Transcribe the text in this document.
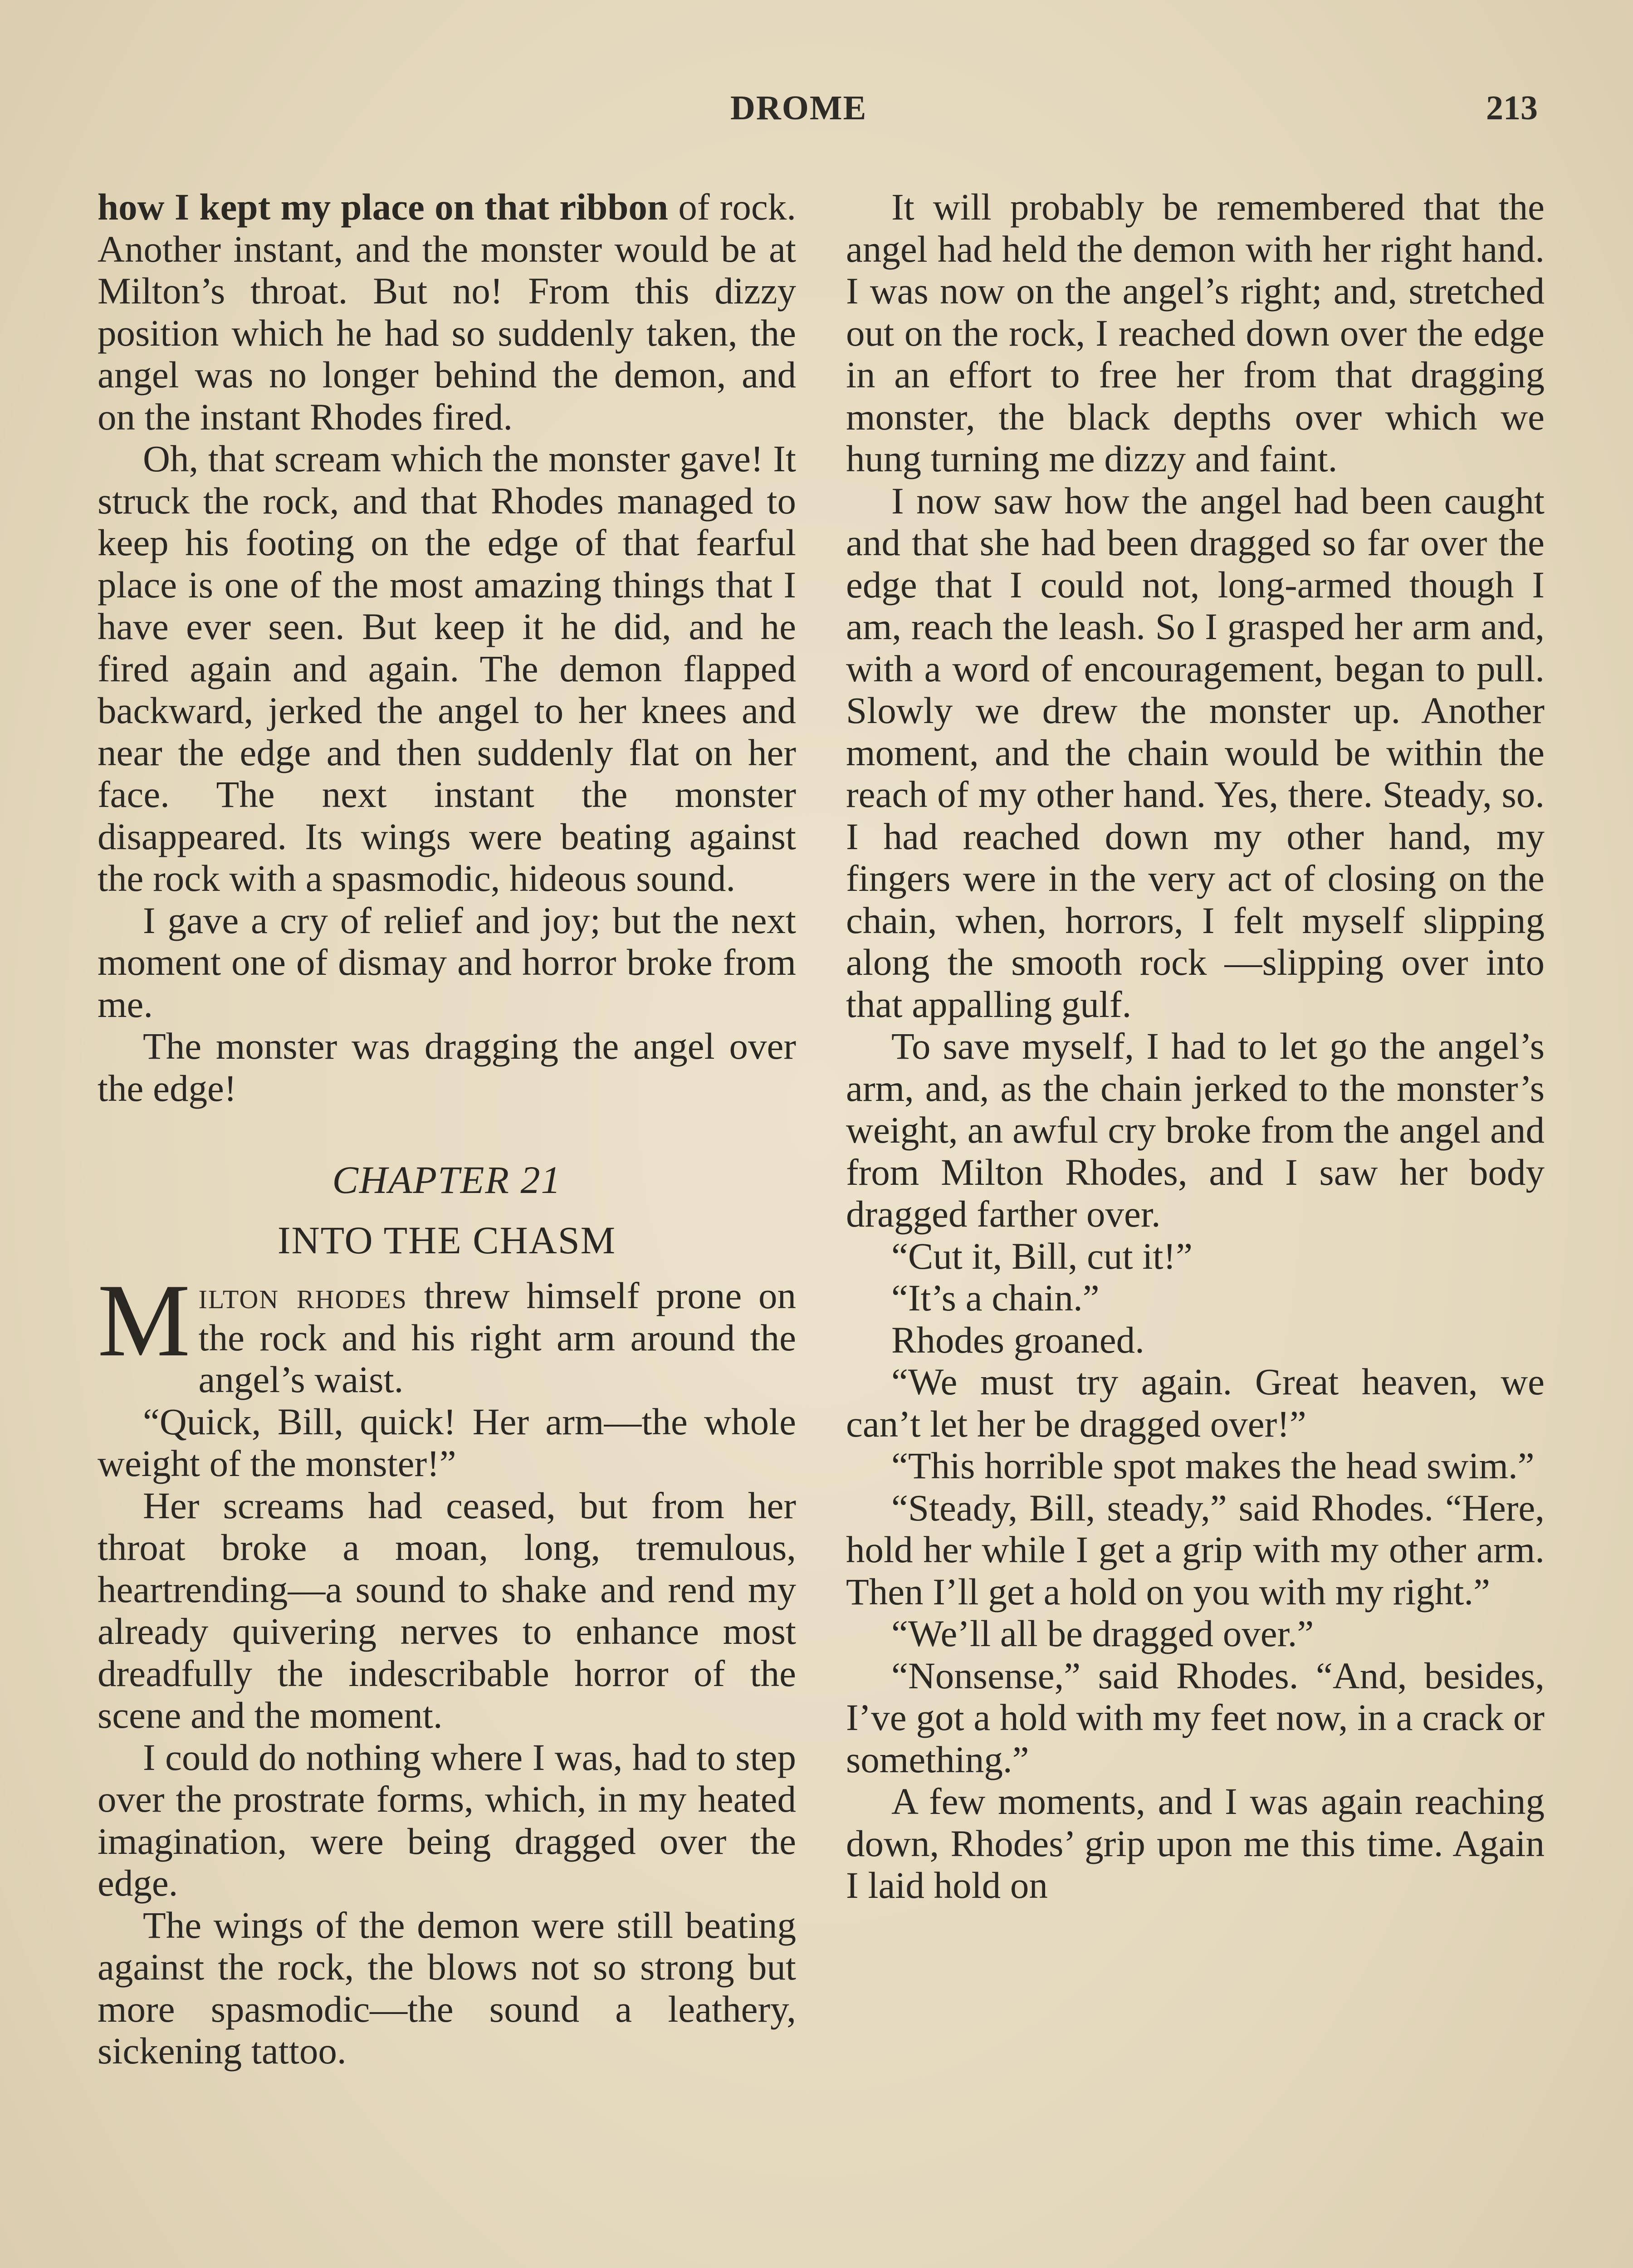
DROME	213

how I kept my place on that ribbon of rock. Another instant, and the monster would be at Milton’s throat. But no! From this dizzy position which he had so suddenly taken, the angel was no longer behind the demon, and on the instant Rhodes fired.

Oh, that scream which the monster gave! It struck the rock, and that Rhodes managed to keep his footing on the edge of that fearful place is one of the most amazing things that I have ever seen. But keep it he did, and he fired again and again. The demon flapped backward, jerked the angel to her knees and near the edge and then suddenly flat on her face. The next instant the monster disappeared. Its wings were beating against the rock with a spasmodic, hideous sound.

I gave a cry of relief and joy; but the next moment one of dismay and horror broke from me.

The monster was dragging the angel over the edge!

CHAPTER 21
INTO THE CHASM

Milton rhodes threw himself prone on the rock and his right arm around the angel’s waist.

“Quick, Bill, quick! Her arm—the whole weight of the monster!”

Her screams had ceased, but from her throat broke a moan, long, tremulous, heartrending—a sound to shake and rend my already quivering nerves to enhance most dreadfully the indescribable horror of the scene and the moment.

I could do nothing where I was, had to step over the prostrate forms, which, in my heated imagination, were being dragged over the edge.

The wings of the demon were still beating against the rock, the blows not so strong but more spasmodic—the sound a leathery, sickening tattoo.

It will probably be remembered that the angel had held the demon with her right hand. I was now on the angel’s right; and, stretched out on the rock, I reached down over the edge in an effort to free her from that dragging monster, the black depths over which we hung turning me dizzy and faint.

I now saw how the angel had been caught and that she had been dragged so far over the edge that I could not, long-armed though I am, reach the leash. So I grasped her arm and, with a word of encouragement, began to pull. Slowly we drew the monster up. Another moment, and the chain would be within the reach of my other hand. Yes, there. Steady, so. I had reached down my other hand, my fingers were in the very act of closing on the chain, when, horrors, I felt myself slipping along the smooth rock —slipping over into that appalling gulf.

To save myself, I had to let go the angel’s arm, and, as the chain jerked to the monster’s weight, an awful cry broke from the angel and from Milton Rhodes, and I saw her body dragged farther over.

“Cut it, Bill, cut it!”

“It’s a chain.”

Rhodes groaned.

“We must try again. Great heaven, we can’t let her be dragged over!”

“This horrible spot makes the head swim.”

“Steady, Bill, steady,” said Rhodes. “Here, hold her while I get a grip with my other arm. Then I’ll get a hold on you with my right.”

“We’ll all be dragged over.”

“Nonsense,” said Rhodes. “And, besides, I’ve got a hold with my feet now, in a crack or something.”

A few moments, and I was again reaching down, Rhodes’ grip upon me this time. Again I laid hold on
